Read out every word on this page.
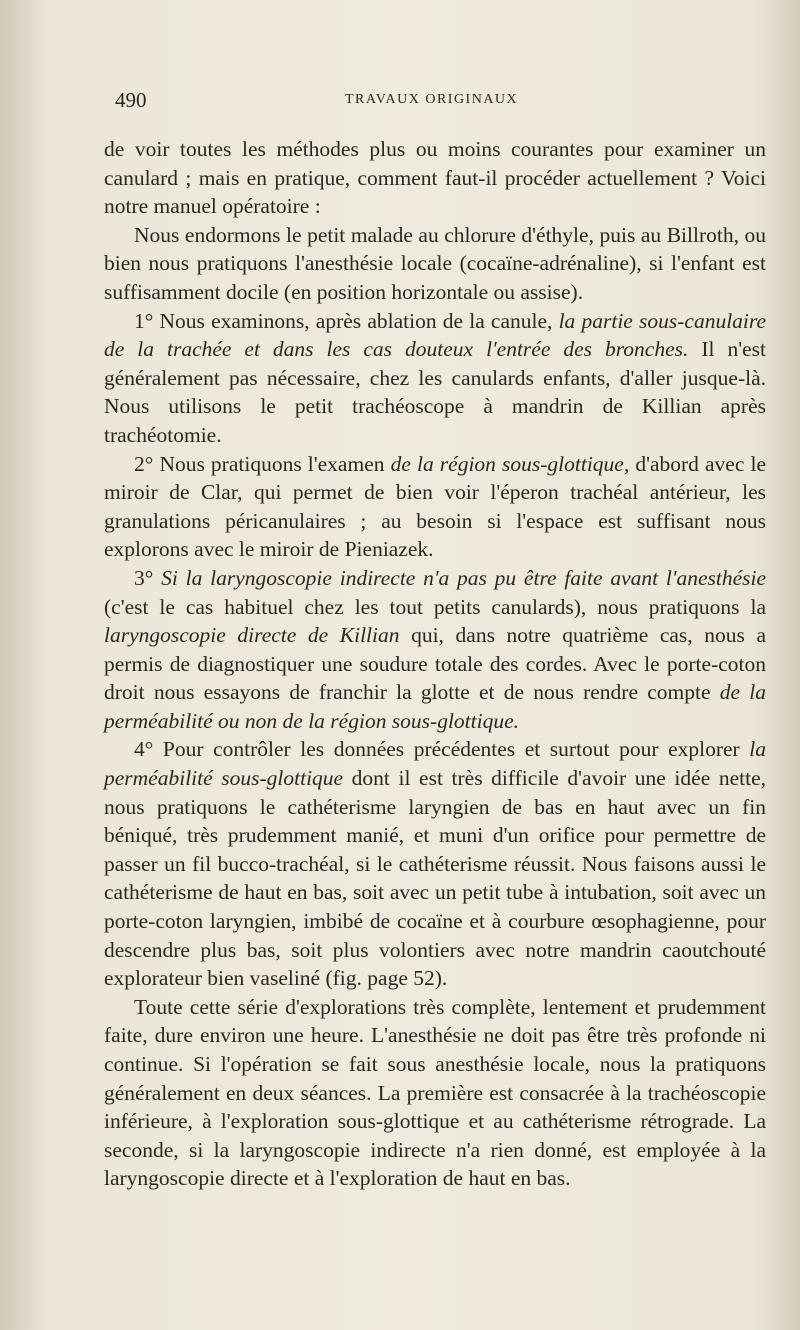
490	TRAVAUX ORIGINAUX

de voir toutes les méthodes plus ou moins courantes pour examiner un canulard ; mais en pratique, comment faut-il procéder actuellement ? Voici notre manuel opératoire :

Nous endormons le petit malade au chlorure d'éthyle, puis au Billroth, ou bien nous pratiquons l'anesthésie locale (cocaïne-adrénaline), si l'enfant est suffisamment docile (en position horizontale ou assise).

1° Nous examinons, après ablation de la canule, la partie sous-canulaire de la trachée et dans les cas douteux l'entrée des bronches. Il n'est généralement pas nécessaire, chez les canulards enfants, d'aller jusque-là. Nous utilisons le petit trachéoscope à mandrin de Killian après trachéotomie.

2° Nous pratiquons l'examen de la région sous-glottique, d'abord avec le miroir de Clar, qui permet de bien voir l'éperon trachéal antérieur, les granulations péricanulaires ; au besoin si l'espace est suffisant nous explorons avec le miroir de Pieniazek.

3° Si la laryngoscopie indirecte n'a pas pu être faite avant l'anesthésie (c'est le cas habituel chez les tout petits canulards), nous pratiquons la laryngoscopie directe de Killian qui, dans notre quatrième cas, nous a permis de diagnostiquer une soudure totale des cordes. Avec le porte-coton droit nous essayons de franchir la glotte et de nous rendre compte de la perméabilité ou non de la région sous-glottique.

4° Pour contrôler les données précédentes et surtout pour explorer la perméabilité sous-glottique dont il est très difficile d'avoir une idée nette, nous pratiquons le cathéterisme laryngien de bas en haut avec un fin béniqué, très prudemment manié, et muni d'un orifice pour permettre de passer un fil bucco-trachéal, si le cathéterisme réussit. Nous faisons aussi le cathéterisme de haut en bas, soit avec un petit tube à intubation, soit avec un porte-coton laryngien, imbibé de cocaïne et à courbure œsophagienne, pour descendre plus bas, soit plus volontiers avec notre mandrin caoutchouté explorateur bien vaseliné (fig. page 52).

Toute cette série d'explorations très complète, lentement et prudemment faite, dure environ une heure. L'anesthésie ne doit pas être très profonde ni continue. Si l'opération se fait sous anesthésie locale, nous la pratiquons généralement en deux séances. La première est consacrée à la trachéoscopie inférieure, à l'exploration sous-glottique et au cathéterisme rétrograde. La seconde, si la laryngoscopie indirecte n'a rien donné, est employée à la laryngoscopie directe et à l'exploration de haut en bas.
